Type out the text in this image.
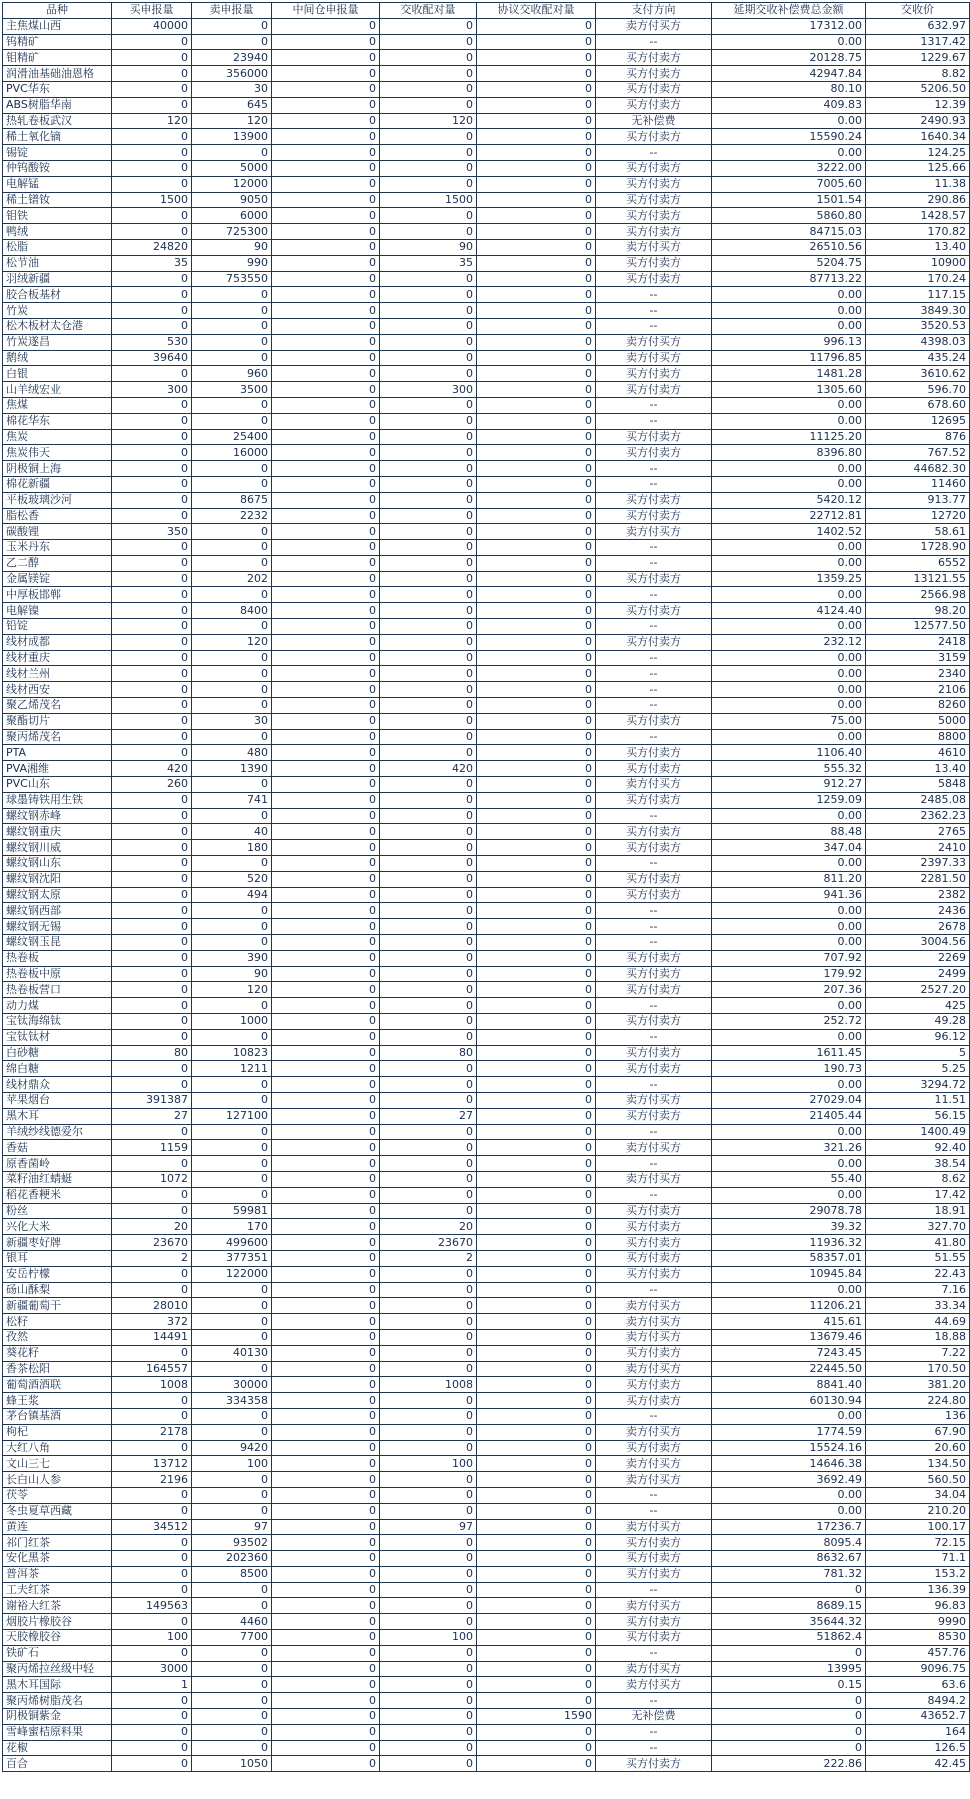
品种	买申报量	卖申报量	中间仓申报量	交收配对量	协议交收配对量	支付方向	延期交收补偿费总金额	交收价
主焦煤山西	40000	0	0	0	0	卖方付买方	17312.00	632.97
钨精矿	0	0	0	0	0	--	0.00	1317.42
钼精矿	0	23940	0	0	0	买方付卖方	20128.75	1229.67
润滑油基础油恩格	0	356000	0	0	0	买方付卖方	42947.84	8.82
PVC华东	0	30	0	0	0	买方付卖方	80.10	5206.50
ABS树脂华南	0	645	0	0	0	买方付卖方	409.83	12.39
热轧卷板武汉	120	120	0	120	0	无补偿费	0.00	2490.93
稀土氧化镝	0	13900	0	0	0	买方付卖方	15590.24	1640.34
锡锭	0	0	0	0	0	--	0.00	124.25
仲钨酸铵	0	5000	0	0	0	买方付卖方	3222.00	125.66
电解锰	0	12000	0	0	0	买方付卖方	7005.60	11.38
稀土镨钕	1500	9050	0	1500	0	买方付卖方	1501.54	290.86
钼铁	0	6000	0	0	0	买方付卖方	5860.80	1428.57
鸭绒	0	725300	0	0	0	买方付卖方	84715.03	170.82
松脂	24820	90	0	90	0	卖方付买方	26510.56	13.40
松节油	35	990	0	35	0	买方付卖方	5204.75	10900
羽绒新疆	0	753550	0	0	0	买方付卖方	87713.22	170.24
胶合板基材	0	0	0	0	0	--	0.00	117.15
竹炭	0	0	0	0	0	--	0.00	3849.30
松木板材太仓港	0	0	0	0	0	--	0.00	3520.53
竹炭遂昌	530	0	0	0	0	卖方付买方	996.13	4398.03
鹅绒	39640	0	0	0	0	卖方付买方	11796.85	435.24
白银	0	960	0	0	0	买方付卖方	1481.28	3610.62
山羊绒宏业	300	3500	0	300	0	买方付卖方	1305.60	596.70
焦煤	0	0	0	0	0	--	0.00	678.60
棉花华东	0	0	0	0	0	--	0.00	12695
焦炭	0	25400	0	0	0	买方付卖方	11125.20	876
焦炭伟天	0	16000	0	0	0	买方付卖方	8396.80	767.52
阴极铜上海	0	0	0	0	0	--	0.00	44682.30
棉花新疆	0	0	0	0	0	--	0.00	11460
平板玻璃沙河	0	8675	0	0	0	买方付卖方	5420.12	913.77
脂松香	0	2232	0	0	0	买方付卖方	22712.81	12720
碳酸锂	350	0	0	0	0	卖方付买方	1402.52	58.61
玉米丹东	0	0	0	0	0	--	0.00	1728.90
乙二醇	0	0	0	0	0	--	0.00	6552
金属镁锭	0	202	0	0	0	买方付卖方	1359.25	13121.55
中厚板邯郸	0	0	0	0	0	--	0.00	2566.98
电解镍	0	8400	0	0	0	买方付卖方	4124.40	98.20
铅锭	0	0	0	0	0	--	0.00	12577.50
线材成都	0	120	0	0	0	买方付卖方	232.12	2418
线材重庆	0	0	0	0	0	--	0.00	3159
线材兰州	0	0	0	0	0	--	0.00	2340
线材西安	0	0	0	0	0	--	0.00	2106
聚乙烯茂名	0	0	0	0	0	--	0.00	8260
聚酯切片	0	30	0	0	0	买方付卖方	75.00	5000
聚丙烯茂名	0	0	0	0	0	--	0.00	8800
PTA	0	480	0	0	0	买方付卖方	1106.40	4610
PVA湘维	420	1390	0	420	0	买方付卖方	555.32	13.40
PVC山东	260	0	0	0	0	卖方付买方	912.27	5848
球墨铸铁用生铁	0	741	0	0	0	买方付卖方	1259.09	2485.08
螺纹钢赤峰	0	0	0	0	0	--	0.00	2362.23
螺纹钢重庆	0	40	0	0	0	买方付卖方	88.48	2765
螺纹钢川威	0	180	0	0	0	买方付卖方	347.04	2410
螺纹钢山东	0	0	0	0	0	--	0.00	2397.33
螺纹钢沈阳	0	520	0	0	0	买方付卖方	811.20	2281.50
螺纹钢太原	0	494	0	0	0	买方付卖方	941.36	2382
螺纹钢西部	0	0	0	0	0	--	0.00	2436
螺纹钢无锡	0	0	0	0	0	--	0.00	2678
螺纹钢玉昆	0	0	0	0	0	--	0.00	3004.56
热卷板	0	390	0	0	0	买方付卖方	707.92	2269
热卷板中原	0	90	0	0	0	买方付卖方	179.92	2499
热卷板营口	0	120	0	0	0	买方付卖方	207.36	2527.20
动力煤	0	0	0	0	0	--	0.00	425
宝钛海绵钛	0	1000	0	0	0	买方付卖方	252.72	49.28
宝钛钛材	0	0	0	0	0	--	0.00	96.12
白砂糖	80	10823	0	80	0	买方付卖方	1611.45	5
绵白糖	0	1211	0	0	0	买方付卖方	190.73	5.25
线材鼎众	0	0	0	0	0	--	0.00	3294.72
苹果烟台	391387	0	0	0	0	卖方付买方	27029.04	11.51
黑木耳	27	127100	0	27	0	买方付卖方	21405.44	56.15
羊绒纱线德爱尔	0	0	0	0	0	--	0.00	1400.49
香菇	1159	0	0	0	0	卖方付买方	321.26	92.40
原香菌岭	0	0	0	0	0	--	0.00	38.54
菜籽油红蜻蜓	1072	0	0	0	0	卖方付买方	55.40	8.62
稻花香粳米	0	0	0	0	0	--	0.00	17.42
粉丝	0	59981	0	0	0	买方付卖方	29078.78	18.91
兴化大米	20	170	0	20	0	买方付卖方	39.32	327.70
新疆枣好牌	23670	499600	0	23670	0	买方付卖方	11936.32	41.80
银耳	2	377351	0	2	0	买方付卖方	58357.01	51.55
安岳柠檬	0	122000	0	0	0	买方付卖方	10945.84	22.43
砀山酥梨	0	0	0	0	0	--	0.00	7.16
新疆葡萄干	28010	0	0	0	0	卖方付买方	11206.21	33.34
松籽	372	0	0	0	0	卖方付买方	415.61	44.69
孜然	14491	0	0	0	0	卖方付买方	13679.46	18.88
葵花籽	0	40130	0	0	0	买方付卖方	7243.45	7.22
香茶松阳	164557	0	0	0	0	卖方付买方	22445.50	170.50
葡萄酒酒联	1008	30000	0	1008	0	买方付卖方	8841.40	381.20
蜂王浆	0	334358	0	0	0	买方付卖方	60130.94	224.80
茅台镇基酒	0	0	0	0	0	--	0.00	136
枸杞	2178	0	0	0	0	卖方付买方	1774.59	67.90
大红八角	0	9420	0	0	0	买方付卖方	15524.16	20.60
文山三七	13712	100	0	100	0	卖方付买方	14646.38	134.50
长白山人参	2196	0	0	0	0	卖方付买方	3692.49	560.50
茯苓	0	0	0	0	0	--	0.00	34.04
冬虫夏草西藏	0	0	0	0	0	--	0.00	210.20
黄连	34512	97	0	97	0	卖方付买方	17236.7	100.17
祁门红茶	0	93502	0	0	0	买方付卖方	8095.4	72.15
安化黑茶	0	202360	0	0	0	买方付卖方	8632.67	71.1
普洱茶	0	8500	0	0	0	买方付卖方	781.32	153.2
工夫红茶	0	0	0	0	0	--	0	136.39
谢裕大红茶	149563	0	0	0	0	卖方付买方	8689.15	96.83
烟胶片橡胶谷	0	4460	0	0	0	买方付卖方	35644.32	9990
天胶橡胶谷	100	7700	0	100	0	买方付卖方	51862.4	8530
铁矿石	0	0	0	0	0	--	0	457.76
聚丙烯拉丝级中轻	3000	0	0	0	0	卖方付买方	13995	9096.75
黑木耳国际	1	0	0	0	0	卖方付买方	0.15	63.6
聚丙烯树脂茂名	0	0	0	0	0	--	0	8494.2
阴极铜紫金	0	0	0	0	1590	无补偿费	0	43652.7
雪峰蜜桔原料果	0	0	0	0	0	--	0	164
花椒	0	0	0	0	0	--	0	126.5
百合	0	1050	0	0	0	买方付卖方	222.86	42.45
